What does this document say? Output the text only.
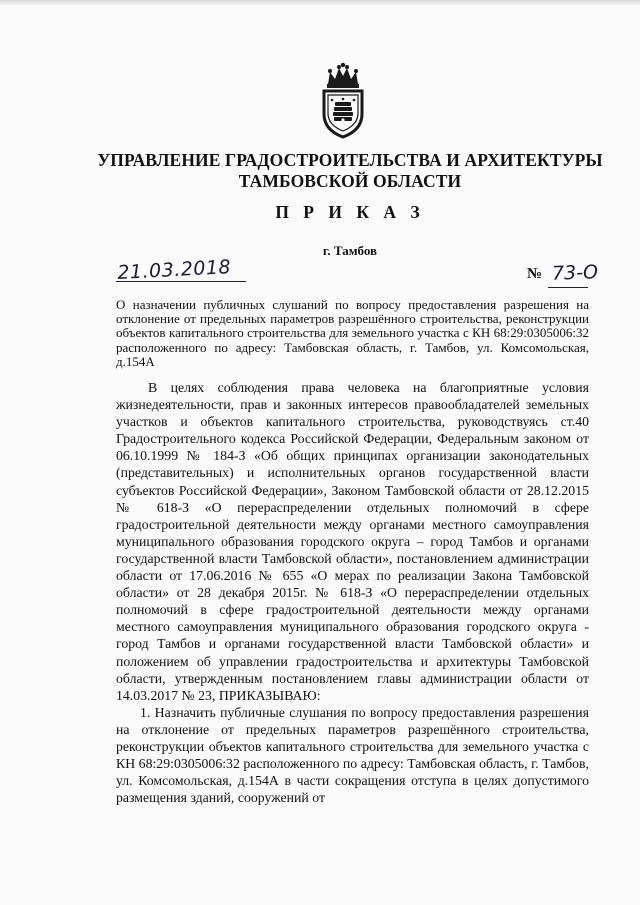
УПРАВЛЕНИЕ ГРАДОСТРОИТЕЛЬСТВА И АРХИТЕКТУРЫ
ТАМБОВСКОЙ ОБЛАСТИ
П Р И К А З
г. Тамбов
21.03.2018	№ 73-О
О назначении публичных слушаний по вопросу предоставления разрешения на отклонение от предельных параметров разрешённого строительства, реконструкции объектов капитального строительства для земельного участка с КН 68:29:0305006:32 расположенного по адресу: Тамбовская область, г. Тамбов, ул. Комсомольская, д.154А

В целях соблюдения права человека на благоприятные условия жизнедеятельности, прав и законных интересов правообладателей земельных участков и объектов капитального строительства, руководствуясь ст.40 Градостроительного кодекса Российской Федерации, Федеральным законом от 06.10.1999 № 184-З «Об общих принципах организации законодательных (представительных) и исполнительных органов государственной власти субъектов Российской Федерации», Законом Тамбовской области от 28.12.2015 № 618-З «О перераспределении отдельных полномочий в сфере градостроительной деятельности между органами местного самоуправления муниципального образования городского округа – город Тамбов и органами государственной власти Тамбовской области», постановлением администрации области от 17.06.2016 № 655 «О мерах по реализации Закона Тамбовской области» от 28 декабря 2015г. № 618-З «О перераспределении отдельных полномочий в сфере градостроительной деятельности между органами местного самоуправления муниципального образования городского округа - город Тамбов и органами государственной власти Тамбовской области» и положением об управлении градостроительства и архитектуры Тамбовской области, утвержденным постановлением главы администрации области от 14.03.2017 № 23, ПРИКАЗЫВАЮ:

1. Назначить публичные слушания по вопросу предоставления разрешения на отклонение от предельных параметров разрешённого строительства, реконструкции объектов капитального строительства для земельного участка с КН 68:29:0305006:32 расположенного по адресу: Тамбовская область, г. Тамбов, ул. Комсомольская, д.154А в части сокращения отступа в целях допустимого размещения зданий, сооружений от
